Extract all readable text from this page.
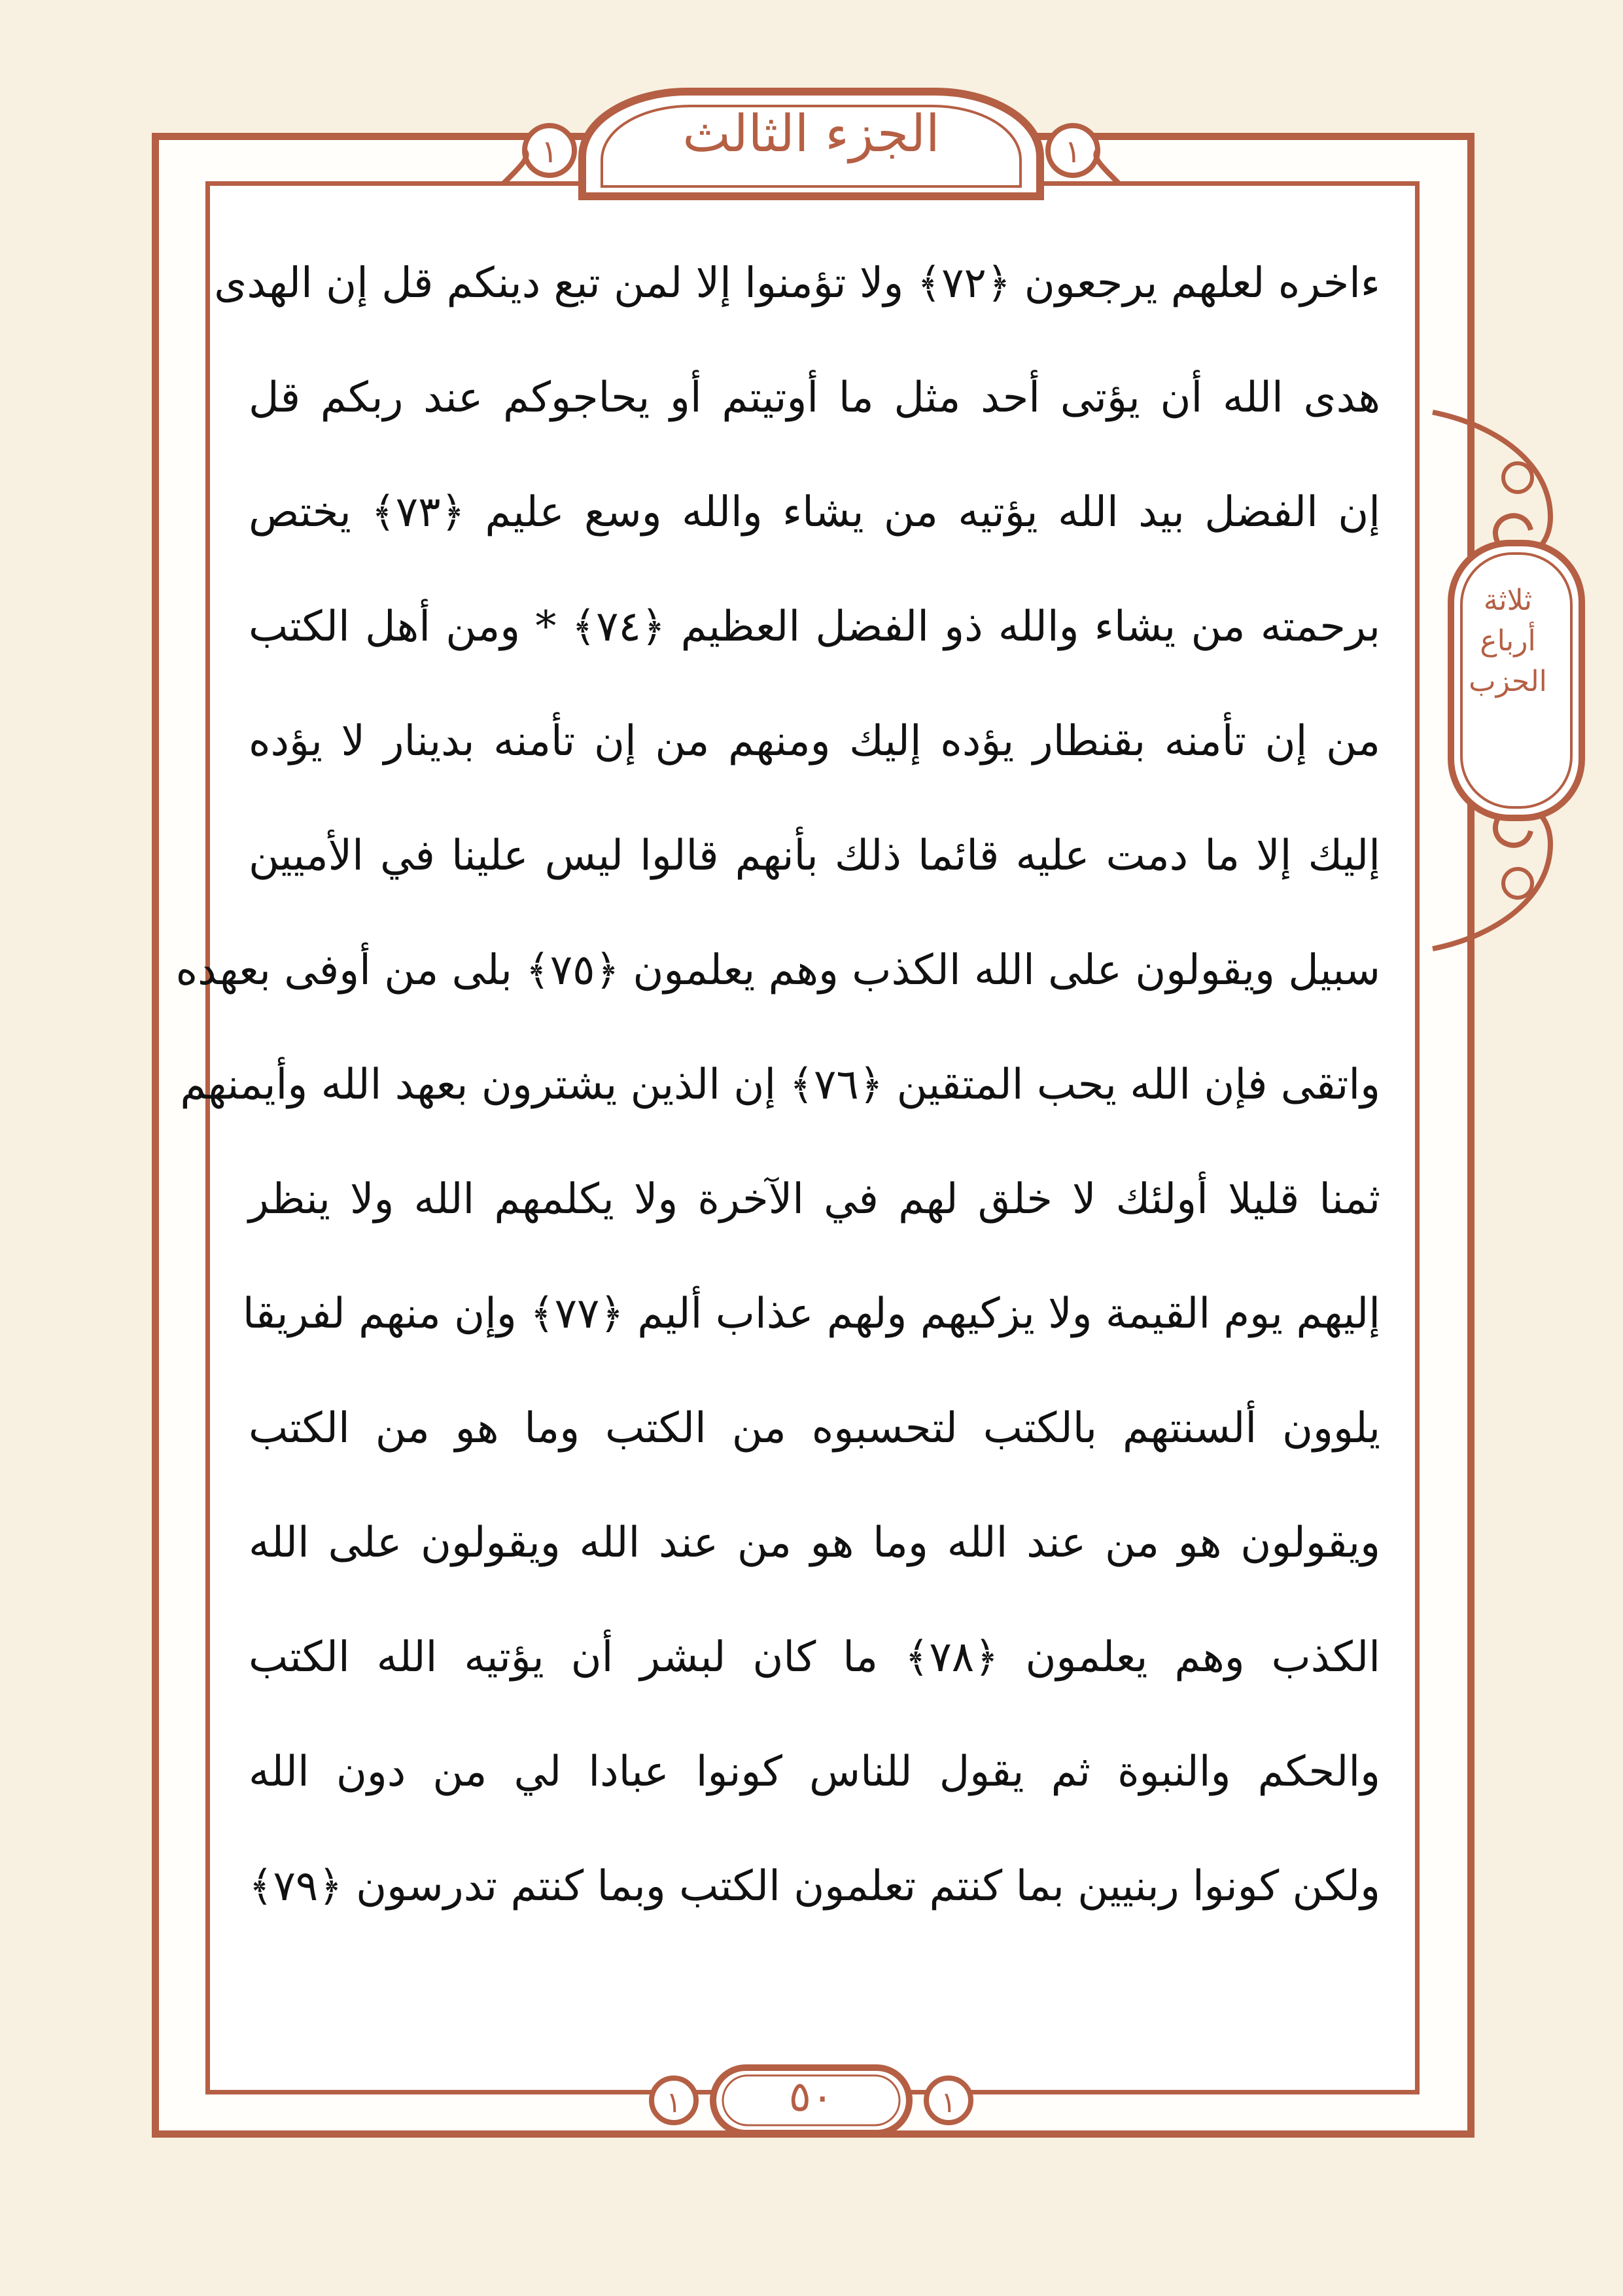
۱	۱
۱	۱
الجزء الثالث
ثلاثة
أرباع
الحزب
٥٠
ءاخره لعلهم يرجعون ﴿٧٢﴾ ولا تؤمنوا إلا لمن تبع دينكم قل إن الهدى
هدى الله أن يؤتى أحد مثل ما أوتيتم أو يحاجوكم عند ربكم قل
إن الفضل بيد الله يؤتيه من يشاء والله وسع عليم ﴿٧٣﴾ يختص
برحمته من يشاء والله ذو الفضل العظيم ﴿٧٤﴾ * ومن أهل الكتب
من إن تأمنه بقنطار يؤده إليك ومنهم من إن تأمنه بدينار لا يؤده
إليك إلا ما دمت عليه قائما ذلك بأنهم قالوا ليس علينا في الأميين
سبيل ويقولون على الله الكذب وهم يعلمون ﴿٧٥﴾ بلى من أوفى بعهده
واتقى فإن الله يحب المتقين ﴿٧٦﴾ إن الذين يشترون بعهد الله وأيمنهم
ثمنا قليلا أولئك لا خلق لهم في الآخرة ولا يكلمهم الله ولا ينظر
إليهم يوم القيمة ولا يزكيهم ولهم عذاب أليم ﴿٧٧﴾ وإن منهم لفريقا
يلوون ألسنتهم بالكتب لتحسبوه من الكتب وما هو من الكتب
ويقولون هو من عند الله وما هو من عند الله ويقولون على الله
الكذب وهم يعلمون ﴿٧٨﴾ ما كان لبشر أن يؤتيه الله الكتب
والحكم والنبوة ثم يقول للناس كونوا عبادا لي من دون الله
ولكن كونوا ربنيين بما كنتم تعلمون الكتب وبما كنتم تدرسون ﴿٧٩﴾
